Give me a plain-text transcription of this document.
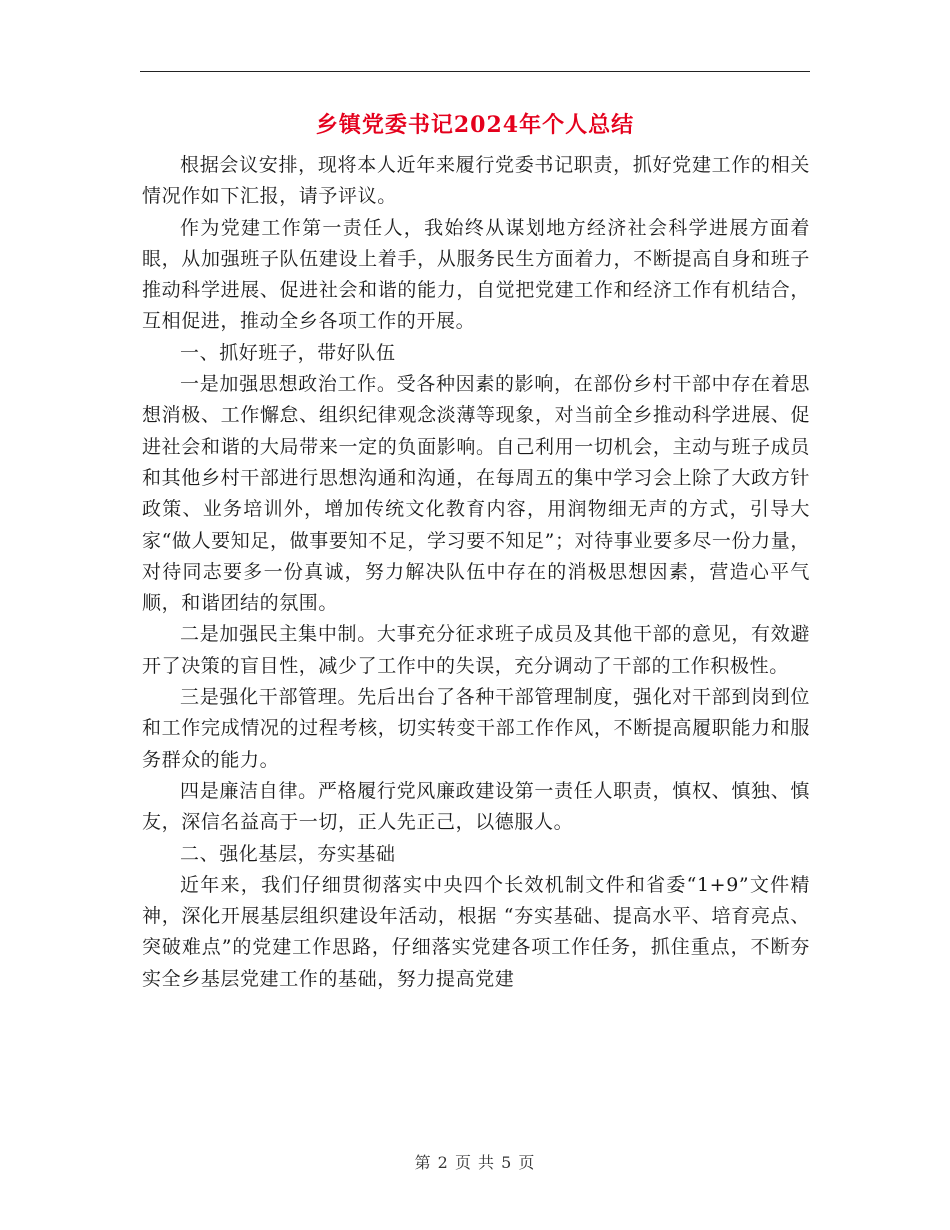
乡镇党委书记2024年个人总结

根据会议安排，现将本人近年来履行党委书记职责，抓好党建工作的相关情况作如下汇报，请予评议。

作为党建工作第一责任人，我始终从谋划地方经济社会科学进展方面着眼，从加强班子队伍建设上着手，从服务民生方面着力，不断提高自身和班子推动科学进展、促进社会和谐的能力，自觉把党建工作和经济工作有机结合，互相促进，推动全乡各项工作的开展。

一、抓好班子，带好队伍

一是加强思想政治工作。受各种因素的影响，在部份乡村干部中存在着思想消极、工作懈怠、组织纪律观念淡薄等现象，对当前全乡推动科学进展、促进社会和谐的大局带来一定的负面影响。自己利用一切机会，主动与班子成员和其他乡村干部进行思想沟通和沟通，在每周五的集中学习会上除了大政方针政策、业务培训外，增加传统文化教育内容，用润物细无声的方式，引导大家“做人要知足，做事要知不足，学习要不知足”；对待事业要多尽一份力量，对待同志要多一份真诚，努力解决队伍中存在的消极思想因素，营造心平气顺，和谐团结的氛围。

二是加强民主集中制。大事充分征求班子成员及其他干部的意见，有效避开了决策的盲目性，减少了工作中的失误，充分调动了干部的工作积极性。

三是强化干部管理。先后出台了各种干部管理制度，强化对干部到岗到位和工作完成情况的过程考核，切实转变干部工作作风，不断提高履职能力和服务群众的能力。

四是廉洁自律。严格履行党风廉政建设第一责任人职责，慎权、慎独、慎友，深信名益高于一切，正人先正己，以德服人。

二、强化基层，夯实基础

近年来，我们仔细贯彻落实中央四个长效机制文件和省委“1+9”文件精神，深化开展基层组织建设年活动，根据 “夯实基础、提高水平、培育亮点、突破难点”的党建工作思路，仔细落实党建各项工作任务，抓住重点，不断夯实全乡基层党建工作的基础，努力提高党建

第 2 页 共 5 页
